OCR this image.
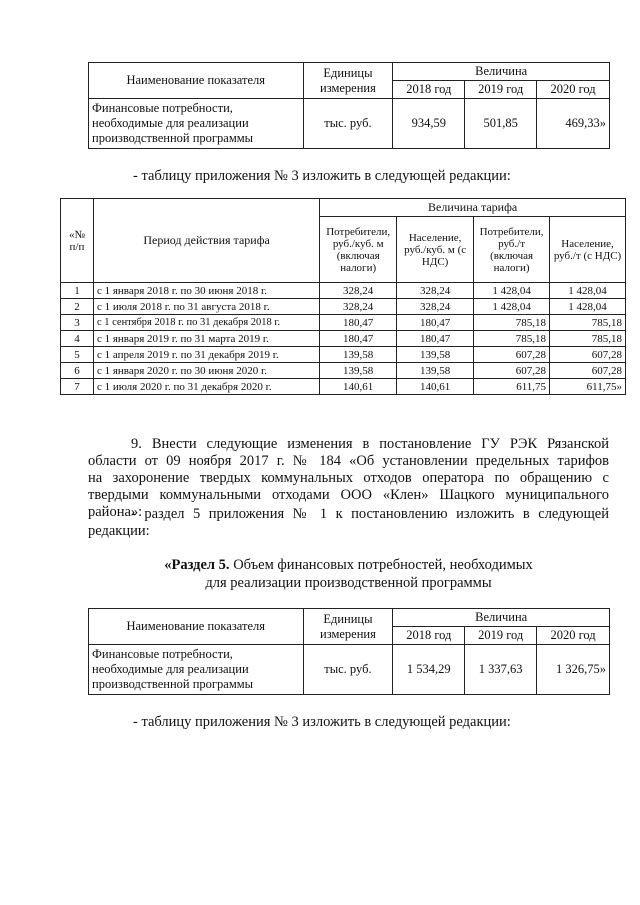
Наименование показателя	Единицы измерения	Величина		
		2018 год	2019 год	2020 год
Финансовые потребности, необходимые для реализации производственной программы	тыс. руб.	934,59	501,85	469,33»
- таблицу приложения № 3 изложить в следующей редакции:
«№ п/п	Период действия тарифа	Величина тарифа			
		Потребители, руб./куб. м (включая налоги)	Население, руб./куб. м (с НДС)	Потребители, руб./т (включая налоги)	Население, руб./т (с НДС)
1	с 1 января 2018 г. по 30 июня 2018 г.	328,24	328,24	1 428,04	1 428,04
2	с 1 июля 2018 г. по 31 августа 2018 г.	328,24	328,24	1 428,04	1 428,04
3	с 1 сентября 2018 г. по 31 декабря 2018 г.	180,47	180,47	785,18	785,18
4	с 1 января 2019 г. по 31 марта 2019 г.	180,47	180,47	785,18	785,18
5	с 1 апреля 2019 г. по 31 декабря 2019 г.	139,58	139,58	607,28	607,28
6	с 1 января 2020 г. по 30 июня 2020 г.	139,58	139,58	607,28	607,28
7	с 1 июля 2020 г. по 31 декабря 2020 г.	140,61	140,61	611,75	611,75»
9. Внести следующие изменения в постановление ГУ РЭК Рязанской
области от 09 ноября 2017 г. № 184 «Об установлении предельных тарифов
на захоронение твердых коммунальных отходов оператора по обращению с
твердыми коммунальными отходами ООО «Клен» Шацкого муниципального
района»:
- раздел 5 приложения № 1 к постановлению изложить в следующей
редакции:
«Раздел 5. Объем финансовых потребностей, необходимых
для реализации производственной программы
Наименование показателя	Единицы измерения	Величина		
		2018 год	2019 год	2020 год
Финансовые потребности, необходимые для реализации производственной программы	тыс. руб.	1 534,29	1 337,63	1 326,75»
- таблицу приложения № 3 изложить в следующей редакции:
